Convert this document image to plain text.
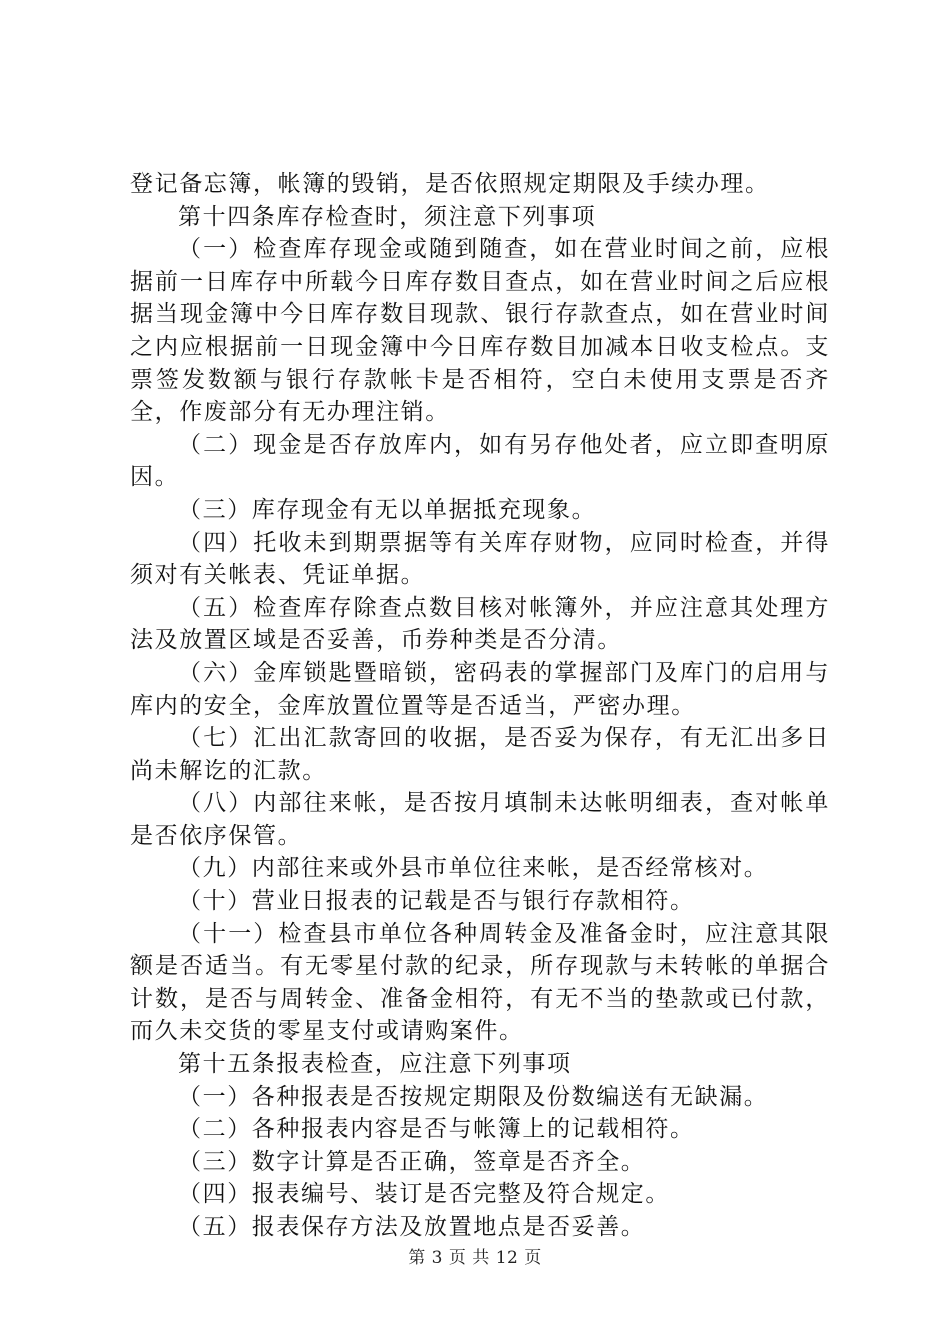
登记备忘簿，帐簿的毁销，是否依照规定期限及手续办理。

第十四条库存检查时，须注意下列事项

（一）检查库存现金或随到随查，如在营业时间之前，应根据前一日库存中所载今日库存数目查点，如在营业时间之后应根据当现金簿中今日库存数目现款、银行存款查点，如在营业时间之内应根据前一日现金簿中今日库存数目加减本日收支检点。支票签发数额与银行存款帐卡是否相符，空白未使用支票是否齐全，作废部分有无办理注销。

（二）现金是否存放库内，如有另存他处者，应立即查明原因。

（三）库存现金有无以单据抵充现象。

（四）托收未到期票据等有关库存财物，应同时检查，并得须对有关帐表、凭证单据。

（五）检查库存除查点数目核对帐簿外，并应注意其处理方法及放置区域是否妥善，币券种类是否分清。

（六）金库锁匙暨暗锁，密码表的掌握部门及库门的启用与库内的安全，金库放置位置等是否适当，严密办理。

（七）汇出汇款寄回的收据，是否妥为保存，有无汇出多日尚未解讫的汇款。

（八）内部往来帐，是否按月填制未达帐明细表，查对帐单是否依序保管。

（九）内部往来或外县市单位往来帐，是否经常核对。

（十）营业日报表的记载是否与银行存款相符。

（十一）检查县市单位各种周转金及准备金时，应注意其限额是否适当。有无零星付款的纪录，所存现款与未转帐的单据合计数，是否与周转金、准备金相符，有无不当的垫款或已付款，而久未交货的零星支付或请购案件。

第十五条报表检查，应注意下列事项

（一）各种报表是否按规定期限及份数编送有无缺漏。

（二）各种报表内容是否与帐簿上的记载相符。

（三）数字计算是否正确，签章是否齐全。

（四）报表编号、装订是否完整及符合规定。

（五）报表保存方法及放置地点是否妥善。

第 3 页 共 12 页
